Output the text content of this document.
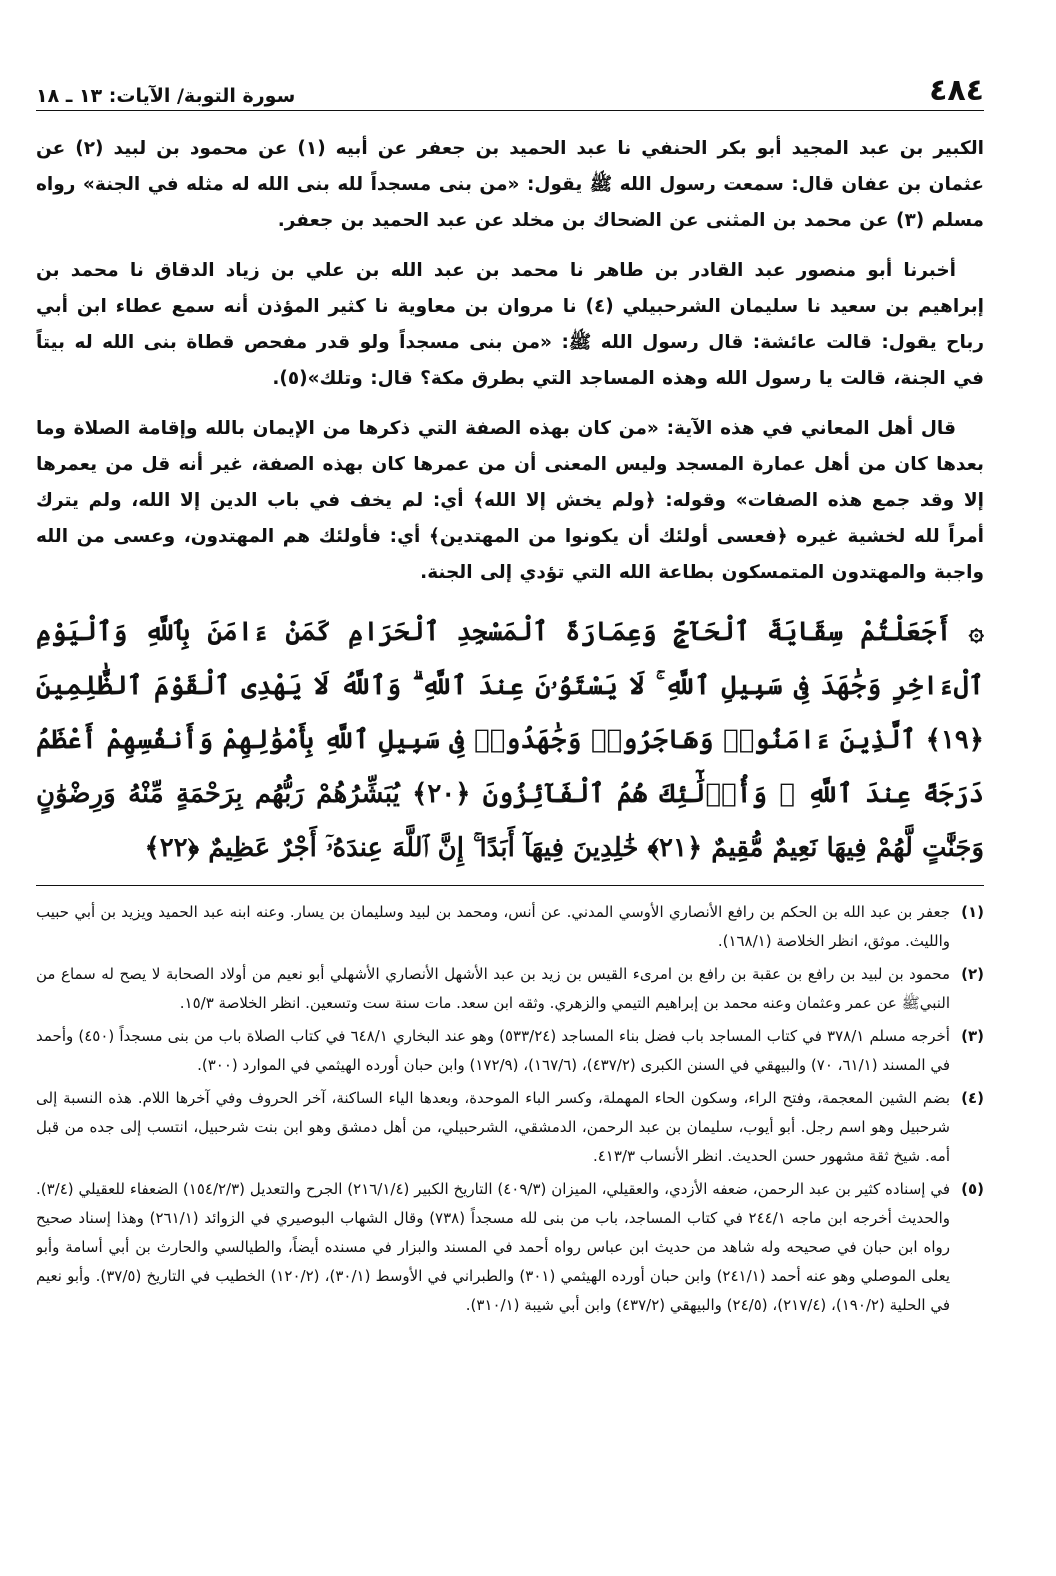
٤٨٤
سورة التوبة/ الآيات: ١٣ ـ ١٨

الكبير بن عبد المجيد أبو بكر الحنفي نا عبد الحميد بن جعفر عن أبيه (١) عن محمود بن لبيد (٢) عن عثمان بن عفان قال: سمعت رسول الله ﷺ يقول: «من بنى مسجداً لله بنى الله له مثله في الجنة» رواه مسلم (٣) عن محمد بن المثنى عن الضحاك بن مخلد عن عبد الحميد بن جعفر.

أخبرنا أبو منصور عبد القادر بن طاهر نا محمد بن عبد الله بن علي بن زياد الدقاق نا محمد بن إبراهيم بن سعيد نا سليمان الشرحبيلي (٤) نا مروان بن معاوية نا كثير المؤذن أنه سمع عطاء ابن أبي رباح يقول: قالت عائشة: قال رسول الله ﷺ: «من بنى مسجداً ولو قدر مفحص قطاة بنى الله له بيتاً في الجنة، قالت يا رسول الله وهذه المساجد التي بطرق مكة؟ قال: وتلك»(٥).

قال أهل المعاني في هذه الآية: «من كان بهذه الصفة التي ذكرها من الإيمان بالله وإقامة الصلاة وما بعدها كان من أهل عمارة المسجد وليس المعنى أن من عمرها كان بهذه الصفة، غير أنه قل من يعمرها إلا وقد جمع هذه الصفات» وقوله: ﴿ولم يخش إلا الله﴾ أي: لم يخف في باب الدين إلا الله، ولم يترك أمراً لله لخشية غيره ﴿فعسى أولئك أن يكونوا من المهتدين﴾ أي: فأولئك هم المهتدون، وعسى من الله واجبة والمهتدون المتمسكون بطاعة الله التي تؤدي إلى الجنة.

۞ أَجَعَلْتُمْ سِقَايَةَ ٱلْحَآجِّ وَعِمَارَةَ ٱلْمَسْجِدِ ٱلْحَرَامِ كَمَنْ ءَامَنَ بِٱللَّهِ وَٱلْيَوْمِ ٱلْءَاخِرِ وَجَٰهَدَ فِى سَبِيلِ ٱللَّهِ ۚ لَا يَسْتَوُۥنَ عِندَ ٱللَّهِ ۗ وَٱللَّهُ لَا يَهْدِى ٱلْقَوْمَ ٱلظَّٰلِمِينَ ﴿١٩﴾ ٱلَّذِينَ ءَامَنُوا۟ وَهَاجَرُوا۟ وَجَٰهَدُوا۟ فِى سَبِيلِ ٱللَّهِ بِأَمْوَٰلِهِمْ وَأَنفُسِهِمْ أَعْظَمُ دَرَجَةً عِندَ ٱللَّهِ ۚ وَأُو۟لَٰٓئِكَ هُمُ ٱلْفَآئِزُونَ ﴿٢٠﴾ يُبَشِّرُهُمْ رَبُّهُم بِرَحْمَةٍ مِّنْهُ وَرِضْوَٰنٍ وَجَنَّٰتٍ لَّهُمْ فِيهَا نَعِيمٌ مُّقِيمٌ ﴿٢١﴾ خَٰلِدِينَ فِيهَآ أَبَدًا ۚ إِنَّ ٱللَّهَ عِندَهُۥٓ أَجْرٌ عَظِيمٌ ﴿٢٢﴾
(١)
جعفر بن عبد الله بن الحكم بن رافع الأنصاري الأوسي المدني. عن أنس، ومحمد بن لبيد وسليمان بن يسار. وعنه ابنه عبد الحميد ويزيد بن أبي حبيب والليث. موثق، انظر الخلاصة (١٦٨/١).
(٢)
محمود بن لبيد بن رافع بن عقبة بن رافع بن امرىء القيس بن زيد بن عبد الأشهل الأنصاري الأشهلي أبو نعيم من أولاد الصحابة لا يصح له سماع من النبيﷺ عن عمر وعثمان وعنه محمد بن إبراهيم التيمي والزهري. وثقه ابن سعد. مات سنة ست وتسعين. انظر الخلاصة ١٥/٣.
(٣)
أخرجه مسلم ٣٧٨/١ في كتاب المساجد باب فضل بناء المساجد (٥٣٣/٢٤) وهو عند البخاري ٦٤٨/١ في كتاب الصلاة باب من بنى مسجداً (٤٥٠) وأحمد في المسند (٦١/١، ٧٠) والبيهقي في السنن الكبرى (٤٣٧/٢)، (١٦٧/٦)، (١٧٢/٩) وابن حبان أورده الهيثمي في الموارد (٣٠٠).
(٤)
بضم الشين المعجمة، وفتح الراء، وسكون الحاء المهملة، وكسر الباء الموحدة، وبعدها الياء الساكنة، آخر الحروف وفي آخرها اللام. هذه النسبة إلى شرحبيل وهو اسم رجل. أبو أيوب، سليمان بن عبد الرحمن، الدمشقي، الشرحبيلي، من أهل دمشق وهو ابن بنت شرحبيل، انتسب إلى جده من قبل أمه. شيخ ثقة مشهور حسن الحديث. انظر الأنساب ٤١٣/٣.
(٥)
في إسناده كثير بن عبد الرحمن، ضعفه الأزدي، والعقيلي، الميزان (٤٠٩/٣) التاريخ الكبير (٢١٦/١/٤) الجرح والتعديل (١٥٤/٢/٣) الضعفاء للعقيلي (٣/٤). والحديث أخرجه ابن ماجه ٢٤٤/١ في كتاب المساجد، باب من بنى لله مسجداً (٧٣٨) وقال الشهاب البوصيري في الزوائد (٢٦١/١) وهذا إسناد صحيح رواه ابن حبان في صحيحه وله شاهد من حديث ابن عباس رواه أحمد في المسند والبزار في مسنده أيضاً، والطيالسي والحارث بن أبي أسامة وأبو يعلى الموصلي وهو عنه أحمد (٢٤١/١) وابن حبان أورده الهيثمي (٣٠١) والطبراني في الأوسط (٣٠/١)، (١٢٠/٢) الخطيب في التاريخ (٣٧/٥). وأبو نعيم في الحلية (١٩٠/٢)، (٢١٧/٤)، (٢٤/٥) والبيهقي (٤٣٧/٢) وابن أبي شيبة (٣١٠/١).
